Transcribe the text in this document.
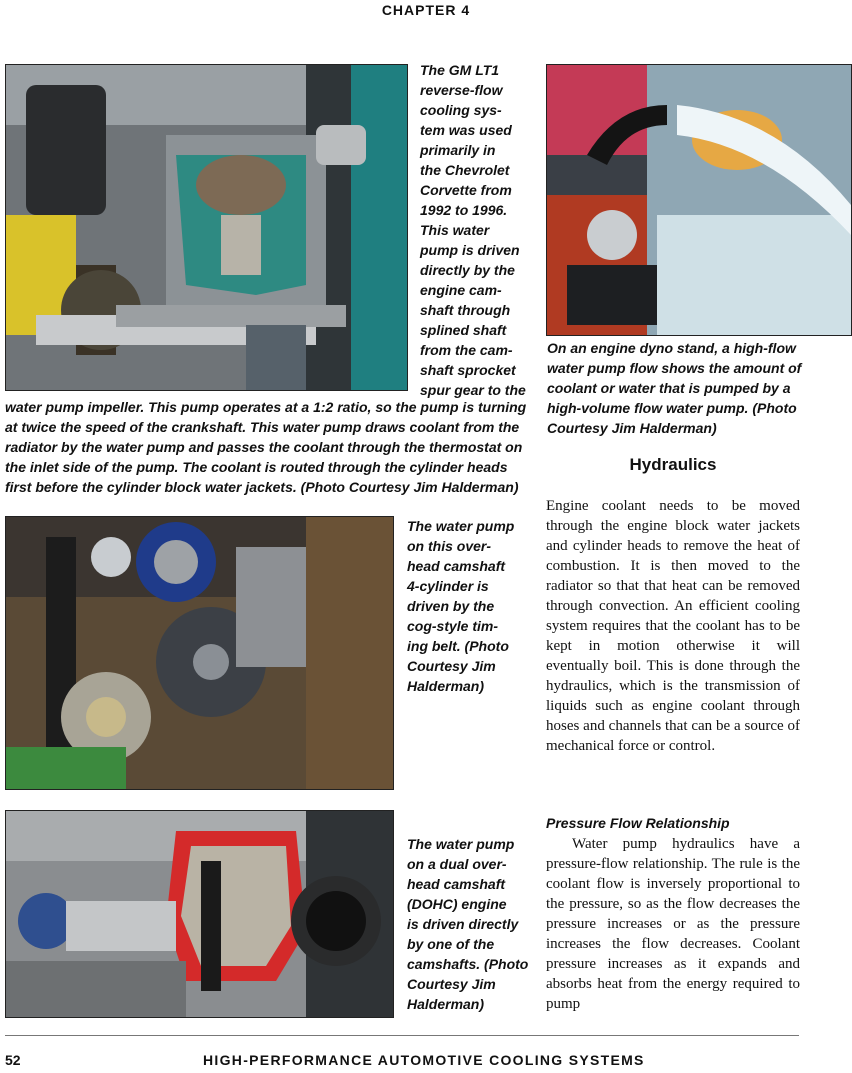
CHAPTER 4
The GM LT1
reverse-flow
cooling sys-
tem was used
primarily in
the Chevrolet
Corvette from
1992 to 1996.
This water
pump is driven
directly by the
engine cam-
shaft through
splined shaft
from the cam-
shaft sprocket
spur gear to the
water pump impeller. This pump operates at a 1:2 ratio, so the pump is turning
at twice the speed of the crankshaft. This water pump draws coolant from the
radiator by the water pump and passes the coolant through the thermostat on
the inlet side of the pump. The coolant is routed through the cylinder heads
first before the cylinder block water jackets. (Photo Courtesy Jim Halderman)
On an engine dyno stand, a high-flow
water pump flow shows the amount of
coolant or water that is pumped by a
high-volume flow water pump. (Photo
Courtesy Jim Halderman)
Hydraulics

Engine coolant needs to be moved through the engine block water jackets and cylinder heads to remove the heat of combustion. It is then moved to the radiator so that that heat can be removed through convection. An efficient cooling system requires that the coolant has to be kept in motion otherwise it will eventually boil. This is done through the hydraulics, which is the transmission of liquids such as engine coolant through hoses and channels that can be a source of mechanical force or control.

Pressure Flow Relationship

Water pump hydraulics have a pressure-flow relationship. The rule is the coolant flow is inversely proportional to the pressure, so as the flow decreases the pressure increases or as the pressure increases the flow decreases. Coolant pressure increases as it expands and absorbs heat from the energy required to pump

The water pump
on this over-
head camshaft
4-cylinder is
driven by the
cog-style tim-
ing belt. (Photo
Courtesy Jim
Halderman)
The water pump
on a dual over-
head camshaft
(DOHC) engine
is driven directly
by one of the
camshafts. (Photo
Courtesy Jim
Halderman)
52	HIGH-PERFORMANCE AUTOMOTIVE COOLING SYSTEMS
